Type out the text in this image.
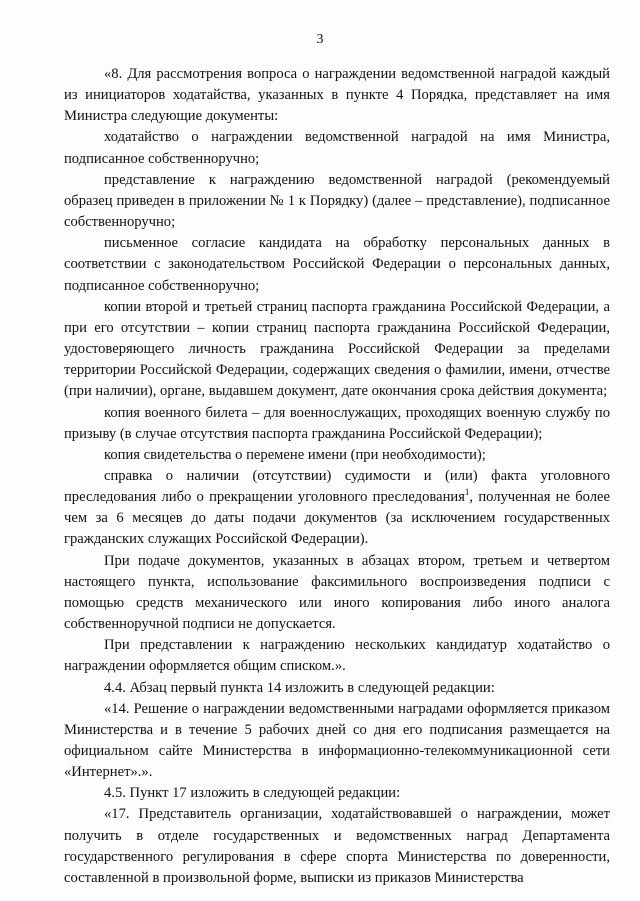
3

«8. Для рассмотрения вопроса о награждении ведомственной наградой каждый из инициаторов ходатайства, указанных в пункте 4 Порядка, представляет на имя Министра следующие документы:

ходатайство о награждении ведомственной наградой на имя Министра, подписанное собственноручно;

представление к награждению ведомственной наградой (рекомендуемый образец приведен в приложении № 1 к Порядку) (далее – представление), подписанное собственноручно;

письменное согласие кандидата на обработку персональных данных в соответствии с законодательством Российской Федерации о персональных данных, подписанное собственноручно;

копии второй и третьей страниц паспорта гражданина Российской Федерации, а при его отсутствии – копии страниц паспорта гражданина Российской Федерации, удостоверяющего личность гражданина Российской Федерации за пределами территории Российской Федерации, содержащих сведения о фамилии, имени, отчестве (при наличии), органе, выдавшем документ, дате окончания срока действия документа;

копия военного билета – для военнослужащих, проходящих военную службу по призыву (в случае отсутствия паспорта гражданина Российской Федерации);

копия свидетельства о перемене имени (при необходимости);

справка о наличии (отсутствии) судимости и (или) факта уголовного преследования либо о прекращении уголовного преследования$^1$, полученная не более чем за 6 месяцев до даты подачи документов (за исключением государственных гражданских служащих Российской Федерации).

При подаче документов, указанных в абзацах втором, третьем и четвертом настоящего пункта, использование факсимильного воспроизведения подписи с помощью средств механического или иного копирования либо иного аналога собственноручной подписи не допускается.

При представлении к награждению нескольких кандидатур ходатайство о награждении оформляется общим списком.».

4.4. Абзац первый пункта 14 изложить в следующей редакции:

«14. Решение о награждении ведомственными наградами оформляется приказом Министерства и в течение 5 рабочих дней со дня его подписания размещается на официальном сайте Министерства в информационно-телекоммуникационной сети «Интернет».».

4.5. Пункт 17 изложить в следующей редакции:

«17. Представитель организации, ходатайствовавшей о награждении, может получить в отделе государственных и ведомственных наград Департамента государственного регулирования в сфере спорта Министерства по доверенности, составленной в произвольной форме, выписки из приказов Министерства
